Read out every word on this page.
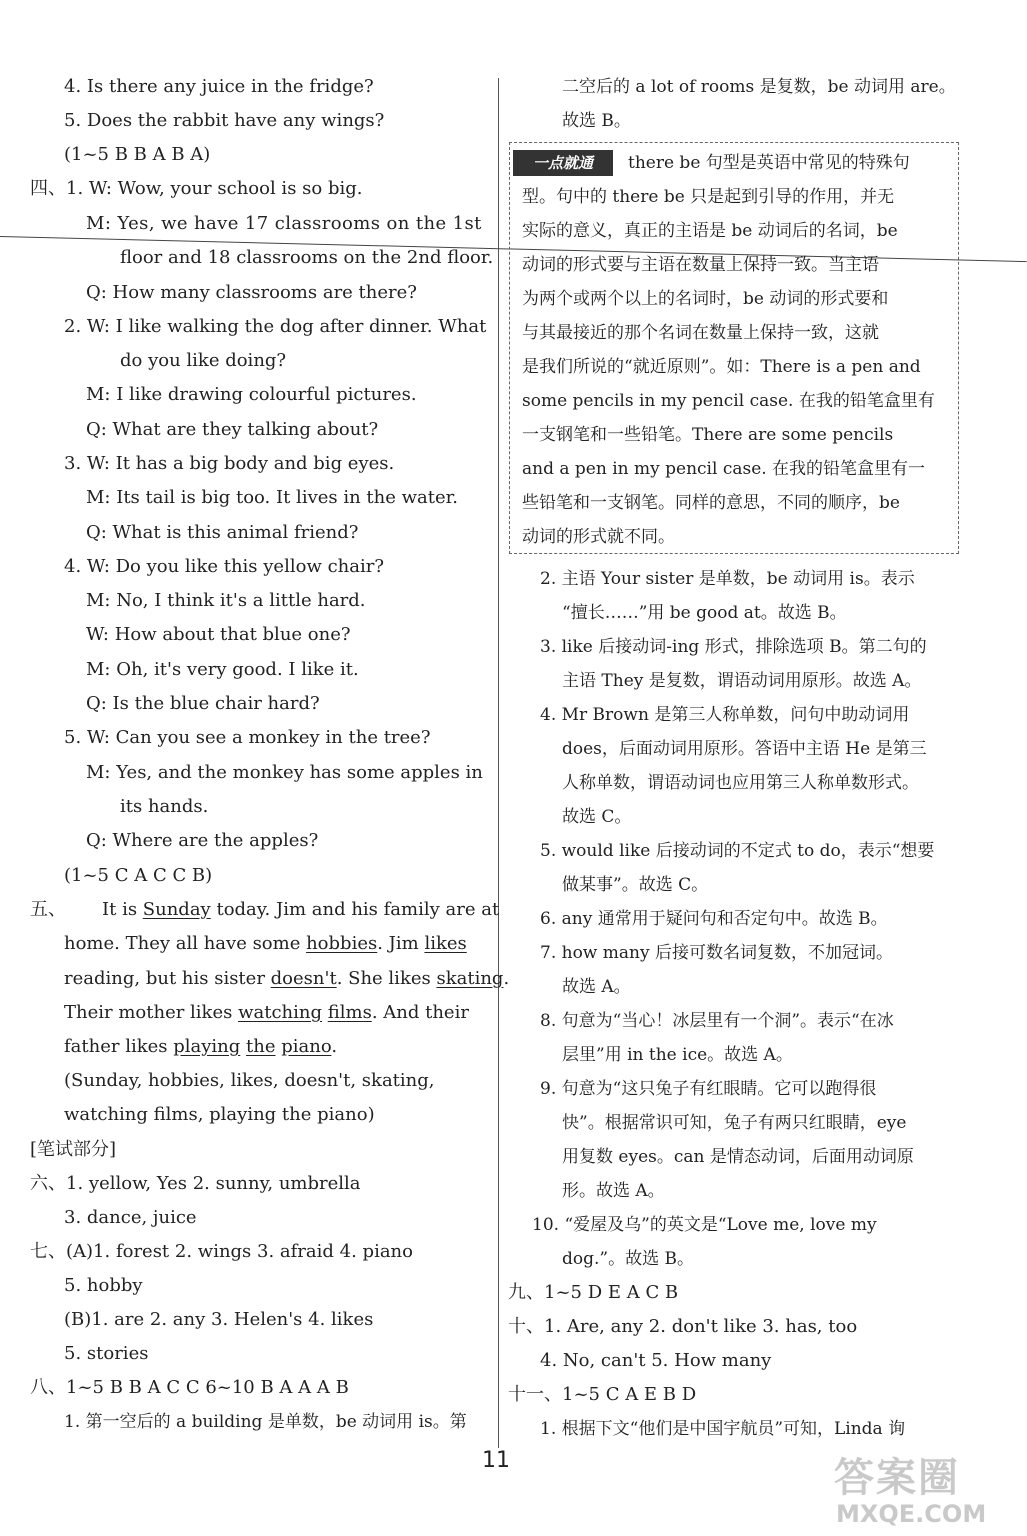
4. Is there any juice in the fridge?
5. Does the rabbit have any wings?
(1~5 B B A B A)
四、1. W: Wow, your school is so big.
M: Yes, we have 17 classrooms on the 1st
floor and 18 classrooms on the 2nd floor.
Q: How many classrooms are there?
2. W: I like walking the dog after dinner. What
do you like doing?
M: I like drawing colourful pictures.
Q: What are they talking about?
3. W: It has a big body and big eyes.
M: Its tail is big too. It lives in the water.
Q: What is this animal friend?
4. W: Do you like this yellow chair?
M: No, I think it's a little hard.
W: How about that blue one?
M: Oh, it's very good. I like it.
Q: Is the blue chair hard?
5. W: Can you see a monkey in the tree?
M: Yes, and the monkey has some apples in
its hands.
Q: Where are the apples?
(1~5 C A C C B)
五、 It is Sunday today. Jim and his family are at
home. They all have some hobbies. Jim likes
reading, but his sister doesn't. She likes skating.
Their mother likes watching films. And their
father likes playing the piano.
(Sunday, hobbies, likes, doesn't, skating,
watching films, playing the piano)
[笔试部分]
六、1. yellow, Yes 2. sunny, umbrella
3. dance, juice
七、(A)1. forest 2. wings 3. afraid 4. piano
5. hobby
(B)1. are 2. any 3. Helen's 4. likes
5. stories
八、1~5 B B A C C 6~10 B A A A B
1. 第一空后的 a building 是单数，be 动词用 is。第
二空后的 a lot of rooms 是复数，be 动词用 are。
故选 B。
一点就通	there be 句型是英语中常见的特殊句
型。句中的 there be 只是起到引导的作用，并无
实际的意义，真正的主语是 be 动词后的名词，be
动词的形式要与主语在数量上保持一致。当主语
为两个或两个以上的名词时，be 动词的形式要和
与其最接近的那个名词在数量上保持一致，这就
是我们所说的“就近原则”。如：There is a pen and
some pencils in my pencil case. 在我的铅笔盒里有
一支钢笔和一些铅笔。There are some pencils
and a pen in my pencil case. 在我的铅笔盒里有一
些铅笔和一支钢笔。同样的意思，不同的顺序，be
动词的形式就不同。
2. 主语 Your sister 是单数，be 动词用 is。表示
“擅长……”用 be good at。故选 B。
3. like 后接动词-ing 形式，排除选项 B。第二句的
主语 They 是复数，谓语动词用原形。故选 A。
4. Mr Brown 是第三人称单数，问句中助动词用
does，后面动词用原形。答语中主语 He 是第三
人称单数，谓语动词也应用第三人称单数形式。
故选 C。
5. would like 后接动词的不定式 to do，表示“想要
做某事”。故选 C。
6. any 通常用于疑问句和否定句中。故选 B。
7. how many 后接可数名词复数，不加冠词。
故选 A。
8. 句意为“当心！冰层里有一个洞”。表示“在冰
层里”用 in the ice。故选 A。
9. 句意为“这只兔子有红眼睛。它可以跑得很
快”。根据常识可知，兔子有两只红眼睛，eye
用复数 eyes。can 是情态动词，后面用动词原
形。故选 A。
10. “爱屋及乌”的英文是“Love me, love my
dog.”。故选 B。
九、1~5 D E A C B
十、1. Are, any 2. don't like 3. has, too
4. No, can't 5. How many
十一、1~5 C A E B D
1. 根据下文“他们是中国宇航员”可知，Linda 询
11	答案圈
MXQE.COM
